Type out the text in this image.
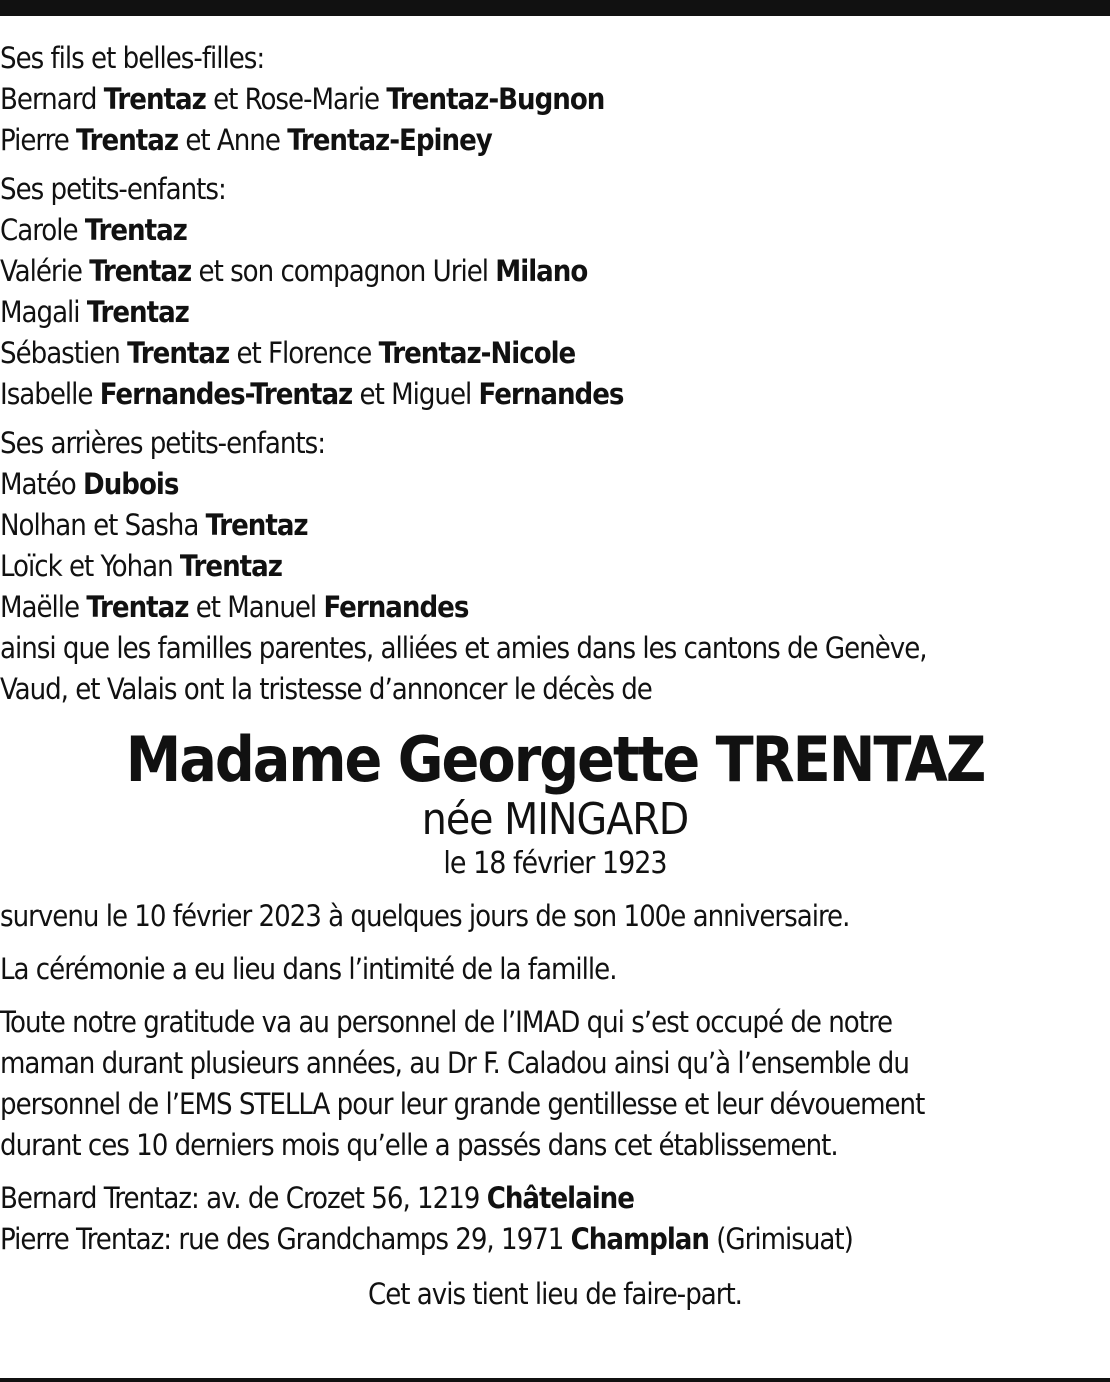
Ses fils et belles-filles:
Bernard Trentaz et Rose-Marie Trentaz-Bugnon
Pierre Trentaz et Anne Trentaz-Epiney
Ses petits-enfants:
Carole Trentaz
Valérie Trentaz et son compagnon Uriel Milano
Magali Trentaz
Sébastien Trentaz et Florence Trentaz-Nicole
Isabelle Fernandes-Trentaz et Miguel Fernandes
Ses arrières petits-enfants:
Matéo Dubois
Nolhan et Sasha Trentaz
Loïck et Yohan Trentaz
Maëlle Trentaz et Manuel Fernandes
ainsi que les familles parentes, alliées et amies dans les cantons de Genève,
Vaud, et Valais ont la tristesse d’annoncer le décès de
Madame Georgette TRENTAZ
née MINGARD
le 18 février 1923
survenu le 10 février 2023 à quelques jours de son 100e anniversaire.
La cérémonie a eu lieu dans l’intimité de la famille.
Toute notre gratitude va au personnel de l’IMAD qui s’est occupé de notre
maman durant plusieurs années, au Dr F. Caladou ainsi qu’à l’ensemble du
personnel de l’EMS STELLA pour leur grande gentillesse et leur dévouement
durant ces 10 derniers mois qu’elle a passés dans cet établissement.
Bernard Trentaz: av. de Crozet 56, 1219 Châtelaine
Pierre Trentaz: rue des Grandchamps 29, 1971 Champlan (Grimisuat)
Cet avis tient lieu de faire-part.
